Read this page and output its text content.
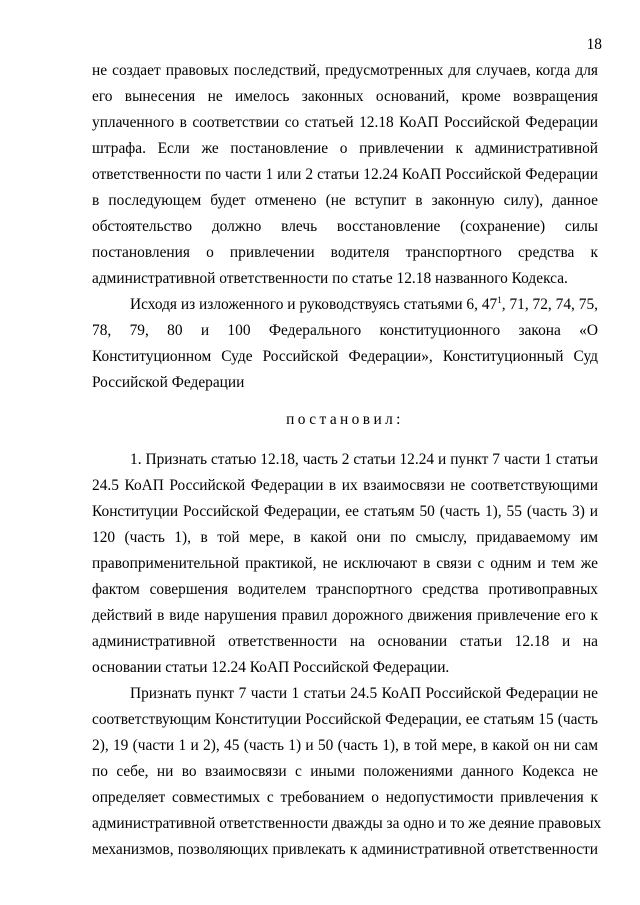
18
не создает правовых последствий, предусмотренных для случаев, когда для
его вынесения не имелось законных оснований, кроме возвращения
уплаченного в соответствии со статьей 12.18 КоАП Российской Федерации
штрафа. Если же постановление о привлечении к административной
ответственности по части 1 или 2 статьи 12.24 КоАП Российской Федерации
в последующем будет отменено (не вступит в законную силу), данное
обстоятельство должно влечь восстановление (сохранение) силы
постановления о привлечении водителя транспортного средства к
административной ответственности по статье 12.18 названного Кодекса.
Исходя из изложенного и руководствуясь статьями 6, $47^1$, 71, 72, 74, 75,
78, 79, 80 и 100 Федерального конституционного закона «О
Конституционном Суде Российской Федерации», Конституционный Суд
Российской Федерации
постановил:
1. Признать статью 12.18, часть 2 статьи 12.24 и пункт 7 части 1 статьи
24.5 КоАП Российской Федерации в их взаимосвязи не соответствующими
Конституции Российской Федерации, ее статьям 50 (часть 1), 55 (часть 3) и
120 (часть 1), в той мере, в какой они по смыслу, придаваемому им
правоприменительной практикой, не исключают в связи с одним и тем же
фактом совершения водителем транспортного средства противоправных
действий в виде нарушения правил дорожного движения привлечение его к
административной ответственности на основании статьи 12.18 и на
основании статьи 12.24 КоАП Российской Федерации.
Признать пункт 7 части 1 статьи 24.5 КоАП Российской Федерации не
соответствующим Конституции Российской Федерации, ее статьям 15 (часть
2), 19 (части 1 и 2), 45 (часть 1) и 50 (часть 1), в той мере, в какой он ни сам
по себе, ни во взаимосвязи с иными положениями данного Кодекса не
определяет совместимых с требованием о недопустимости привлечения к
административной ответственности дважды за одно и то же деяние правовых
механизмов, позволяющих привлекать к административной ответственности
